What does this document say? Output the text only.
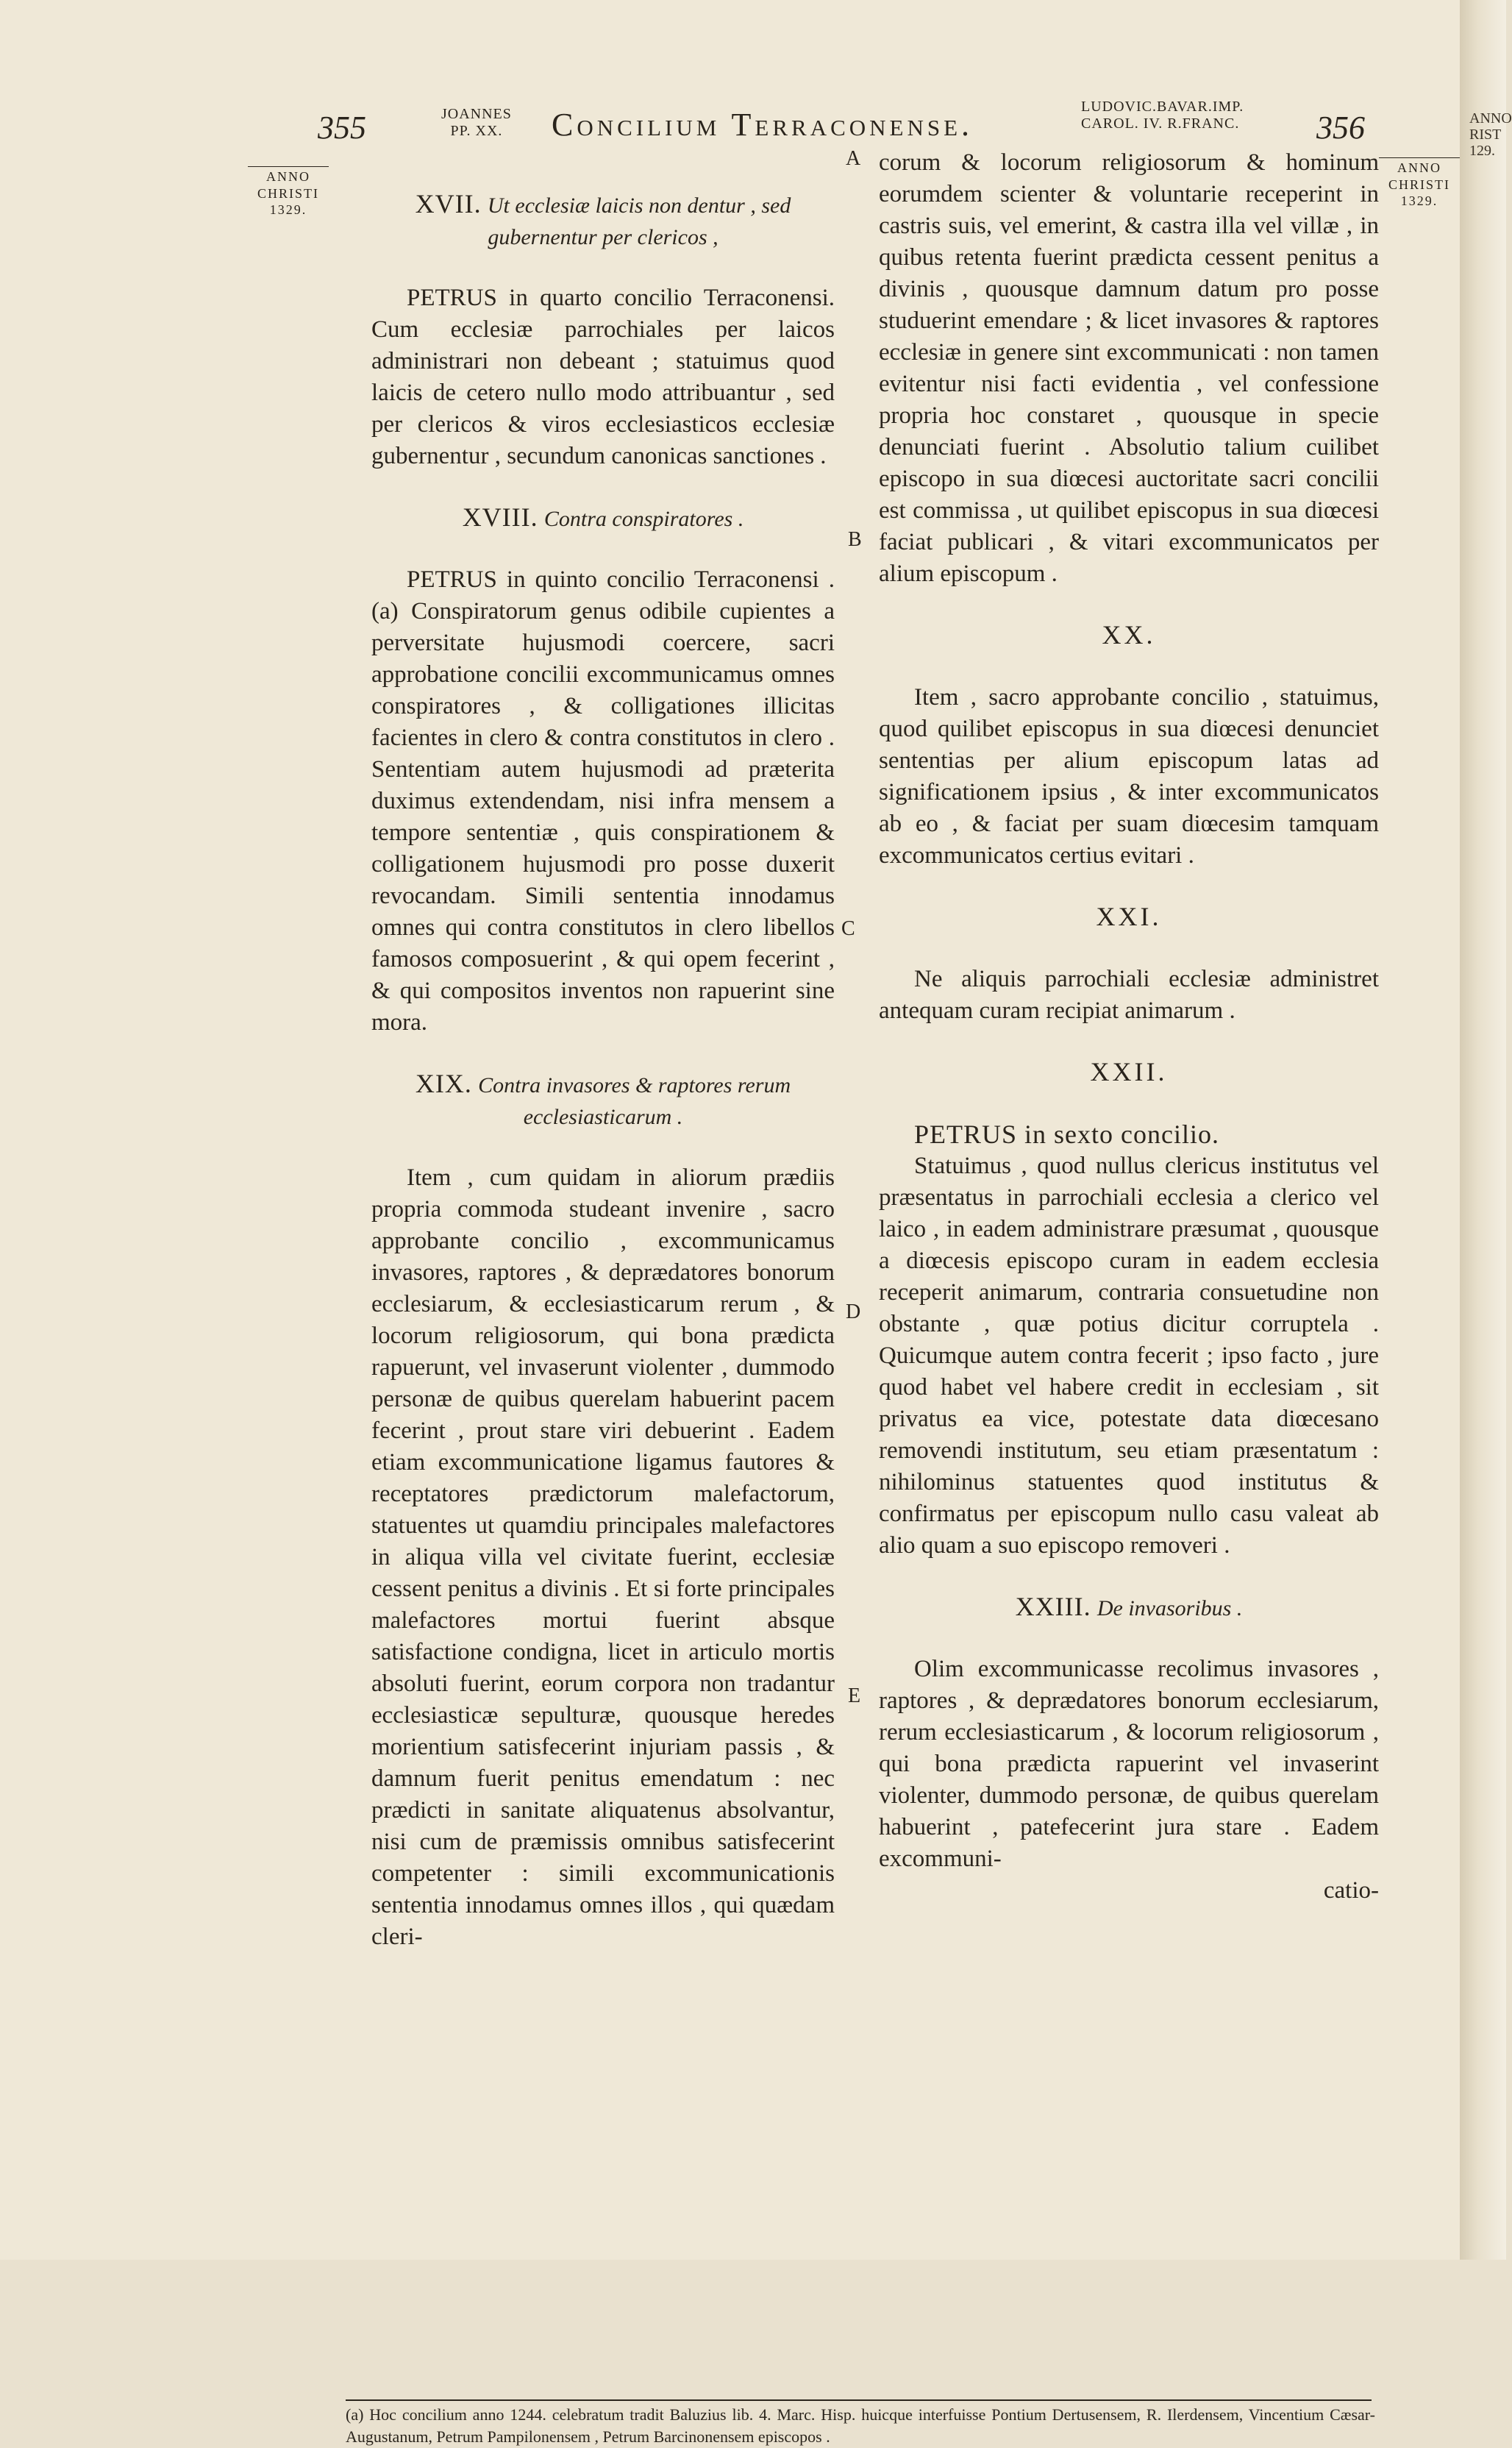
355	JOANNES
PP. XX. Concilium Terraconense.	LUDOVIC.BAVAR.IMP.
CAROL. IV. R.FRANC. 356
ANNO
CHRISTI
1329.
ANNO
CHRISTI
1329.
A
B
C
D
E
XVII. Ut ecclesiæ laicis non dentur , sed gubernentur per clericos ,

PETRUS in quarto concilio Terraconensi. Cum ecclesiæ parrochiales per laicos administrari non debeant ; statuimus quod laicis de cetero nullo modo attribuantur , sed per clericos & viros ecclesiasticos ecclesiæ gubernentur , secundum canonicas sanctiones .

XVIII. Contra conspiratores .

PETRUS in quinto concilio Terraconensi . (a) Conspiratorum genus odibile cupientes a perversitate hujusmodi coercere, sacri approbatione concilii excommunicamus omnes conspiratores , & colligationes illicitas facientes in clero & contra constitutos in clero . Sententiam autem hujusmodi ad præterita duximus extendendam, nisi infra mensem a tempore sententiæ , quis conspirationem & colligationem hujusmodi pro posse duxerit revocandam. Simili sententia innodamus omnes qui contra constitutos in clero libellos famosos composuerint , & qui opem fecerint , & qui compositos inventos non rapuerint sine mora.

XIX. Contra invasores & raptores rerum ecclesiasticarum .

Item , cum quidam in aliorum prædiis propria commoda studeant invenire , sacro approbante concilio , excommunicamus invasores, raptores , & deprædatores bonorum ecclesiarum, & ecclesiasticarum rerum , & locorum religiosorum, qui bona prædicta rapuerunt, vel invaserunt violenter , dummodo personæ de quibus querelam habuerint pacem fecerint , prout stare viri debuerint . Eadem etiam excommunicatione ligamus fautores & receptatores prædictorum malefactorum, statuentes ut quamdiu principales malefactores in aliqua villa vel civitate fuerint, ecclesiæ cessent penitus a divinis . Et si forte principales malefactores mortui fuerint absque satisfactione condigna, licet in articulo mortis absoluti fuerint, eorum corpora non tradantur ecclesiasticæ sepulturæ, quousque heredes morientium satisfecerint injuriam passis , & damnum fuerit penitus emendatum : nec prædicti in sanitate aliquatenus absolvantur, nisi cum de præmissis omnibus satisfecerint competenter : simili excommunicationis sententia innodamus omnes illos , qui quædam cleri-

corum & locorum religiosorum & hominum eorumdem scienter & voluntarie receperint in castris suis, vel emerint, & castra illa vel villæ , in quibus retenta fuerint prædicta cessent penitus a divinis , quousque damnum datum pro posse studuerint emendare ; & licet invasores & raptores ecclesiæ in genere sint excommunicati : non tamen evitentur nisi facti evidentia , vel confessione propria hoc constaret , quousque in specie denunciati fuerint . Absolutio talium cuilibet episcopo in sua diœcesi auctoritate sacri concilii est commissa , ut quilibet episcopus in sua diœcesi faciat publicari , & vitari excommunicatos per alium episcopum .

XX.

Item , sacro approbante concilio , statuimus, quod quilibet episcopus in sua diœcesi denunciet sententias per alium episcopum latas ad significationem ipsius , & inter excommunicatos ab eo , & faciat per suam diœcesim tamquam excommunicatos certius evitari .

XXI.

Ne aliquis parrochiali ecclesiæ administret antequam curam recipiat animarum .

XXII.

PETRUS in sexto concilio.

Statuimus , quod nullus clericus institutus vel præsentatus in parrochiali ecclesia a clerico vel laico , in eadem administrare præsumat , quousque a diœcesis episcopo curam in eadem ecclesia receperit animarum, contraria consuetudine non obstante , quæ potius dicitur corruptela . Quicumque autem contra fecerit ; ipso facto , jure quod habet vel habere credit in ecclesiam , sit privatus ea vice, potestate data diœcesano removendi institutum, seu etiam præsentatum : nihilominus statuentes quod institutus & confirmatus per episcopum nullo casu valeat ab alio quam a suo episcopo removeri .

XXIII. De invasoribus .

Olim excommunicasse recolimus invasores , raptores , & deprædatores bonorum ecclesiarum, rerum ecclesiasticarum , & locorum religiosorum , qui bona prædicta rapuerint vel invaserint violenter, dummodo personæ, de quibus querelam habuerint , patefecerint jura stare . Eadem excommuni-

catio-

(a) Hoc concilium anno 1244. celebratum tradit Baluzius lib. 4. Marc. Hisp. huicque interfuisse Pontium Dertusensem, R. Ilerdensem, Vincentium Cæsar-Augustanum, Petrum Pampilonensem , Petrum Barcinonensem episcopos .
ANNO
RIST
129.
